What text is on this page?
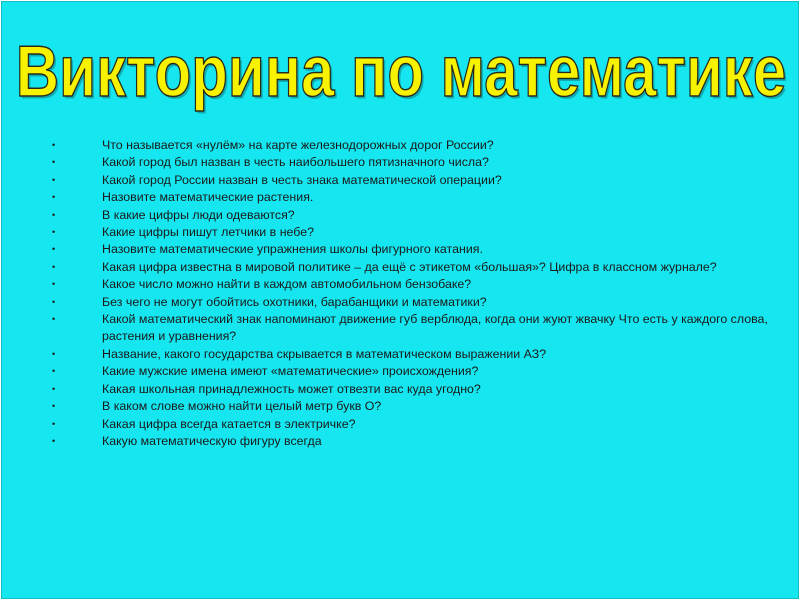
Викторина по математике
•	Что называется «нулём» на карте железнодорожных дорог России?
•	Какой город был назван в честь наибольшего пятизначного числа?
•	Какой город России назван в честь знака математической операции?
•	Назовите математические растения.
•	В какие цифры люди одеваются?
•	Какие цифры пишут летчики в небе?
•	Назовите математические упражнения школы фигурного катания.
•	Какая цифра известна в мировой политике – да ещё с этикетом «большая»? Цифра в классном журнале?
•	Какое число можно найти в каждом автомобильном бензобаке?
•	Без чего не могут обойтись охотники, барабанщики и математики?
•	Какой математический знак напоминают движение губ верблюда, когда они жуют жвачку Что есть у каждого слова, растения и уравнения?
•	Название, какого государства скрывается в математическом выражении АЗ?
•	Какие мужские имена имеют «математические» происхождения?
•	Какая школьная принадлежность может отвезти вас куда угодно?
•	В каком слове можно найти целый метр букв О?
•	Какая цифра всегда катается в электричке?
•	Какую математическую фигуру всегда
